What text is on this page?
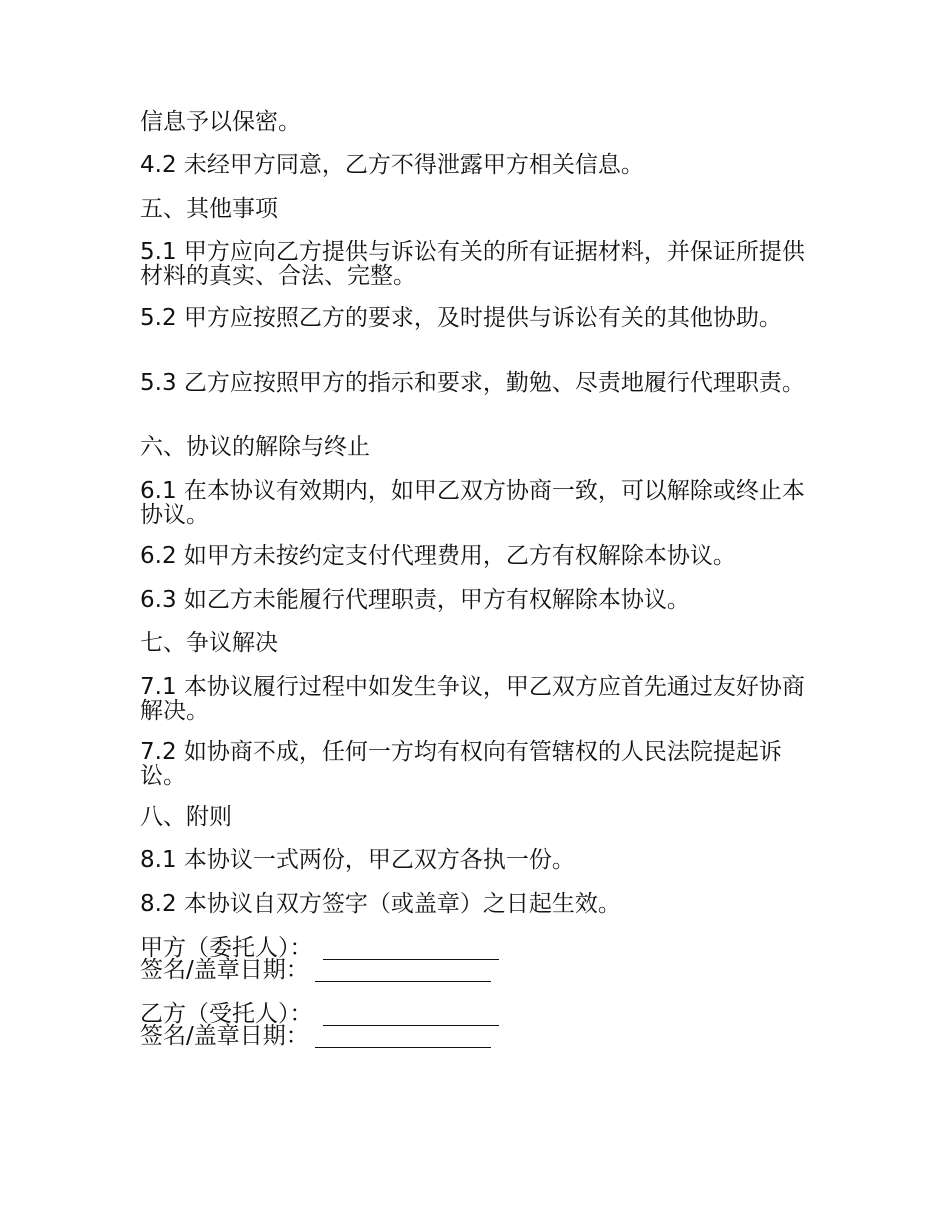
信息予以保密。
4.2 未经甲方同意，乙方不得泄露甲方相关信息。
五、其他事项
5.1 甲方应向乙方提供与诉讼有关的所有证据材料，并保证所提供材料的真实、合法、完整。
5.2 甲方应按照乙方的要求，及时提供与诉讼有关的其他协助。
5.3 乙方应按照甲方的指示和要求，勤勉、尽责地履行代理职责。
六、协议的解除与终止
6.1 在本协议有效期内，如甲乙双方协商一致，可以解除或终止本协议。
6.2 如甲方未按约定支付代理费用，乙方有权解除本协议。
6.3 如乙方未能履行代理职责，甲方有权解除本协议。
七、争议解决
7.1 本协议履行过程中如发生争议，甲乙双方应首先通过友好协商解决。
7.2 如协商不成，任何一方均有权向有管辖权的人民法院提起诉讼。
八、附则
8.1 本协议一式两份，甲乙双方各执一份。
8.2 本协议自双方签字（或盖章）之日起生效。
甲方（委托人）：
签名/盖章日期：
乙方（受托人）：
签名/盖章日期：
